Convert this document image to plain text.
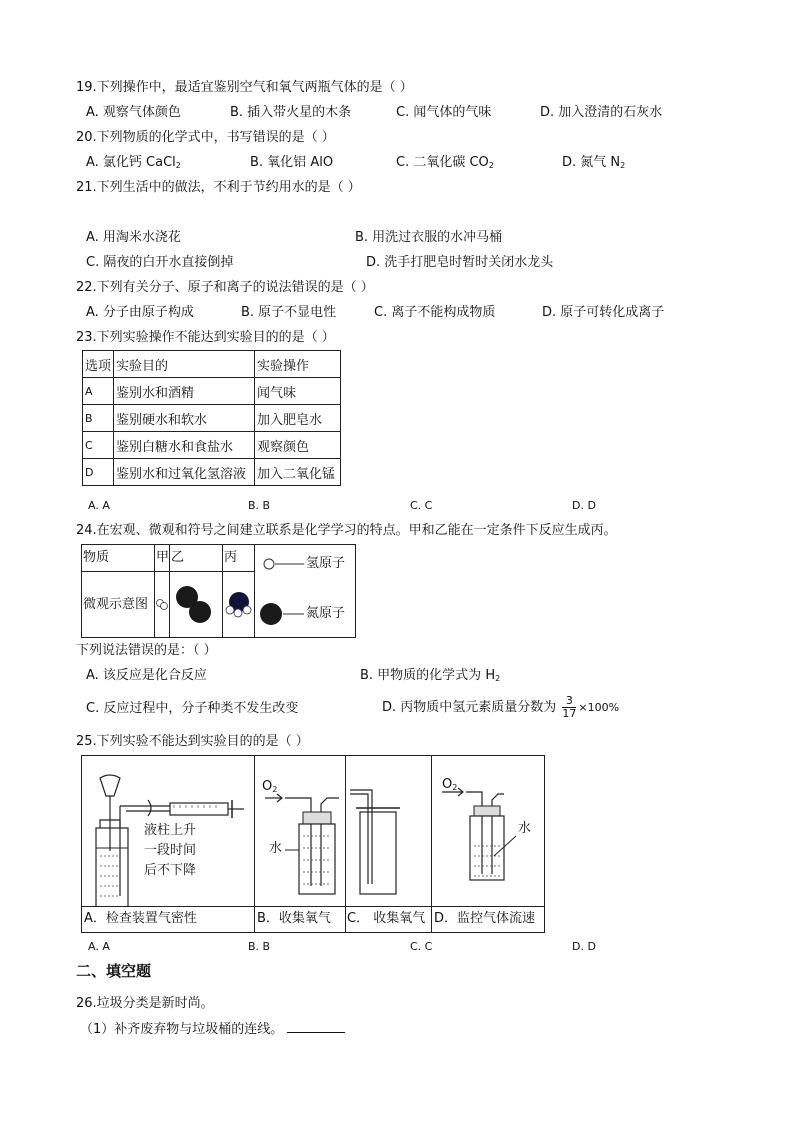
19.下列操作中，最适宜鉴别空气和氧气两瓶气体的是（ ）
A. 观察气体颜色	B. 插入带火星的木条	C. 闻气体的气味	D. 加入澄清的石灰水
20.下列物质的化学式中，书写错误的是（ ）
A. 氯化钙 CaCl$_2$	B. 氧化铝 AlO	C. 二氧化碳 $CO_2$	D. 氮气 $N_2$
21.下列生活中的做法，不利于节约用水的是（ ）
A. 用淘米水浇花	B. 用洗过衣服的水冲马桶
C. 隔夜的白开水直接倒掉	D. 洗手打肥皂时暂时关闭水龙头
22.下列有关分子、原子和离子的说法错误的是（ ）
A. 分子由原子构成	B. 原子不显电性	C. 离子不能构成物质	D. 原子可转化成离子
23.下列实验操作不能达到实验目的的是（ ）
选项	实验目的	实验操作
A	鉴别水和酒精	闻气味
B	鉴别硬水和软水	加入肥皂水
C	鉴别白糖水和食盐水	观察颜色
D	鉴别水和过氧化氢溶液	加入二氧化锰
A. A	B. B	C. C	D. D
24.在宏观、微观和符号之间建立联系是化学学习的特点。甲和乙能在一定条件下反应生成丙。
物质	甲 乙	丙
微观示意图
氢原子
氮原子
下列说法错误的是：（ ）
A. 该反应是化合反应	B. 甲物质的化学式为 $H_2$
C. 反应过程中，分子种类不发生改变	D. 丙物质中氢元素质量分数为 $\frac{3}{17} \times 100\%$
25.下列实验不能达到实验目的的是（ ）
液柱上升
一段时间
后不下降
$O_2$
水
$O_2$
水
A．检查装置气密性	B．收集氧气 C． 收集氧气 D．监控气体流速
A. A	B. B	C. C	D. D
二、填空题
26.垃圾分类是新时尚。
（1）补齐废弃物与垃圾桶的连线。
